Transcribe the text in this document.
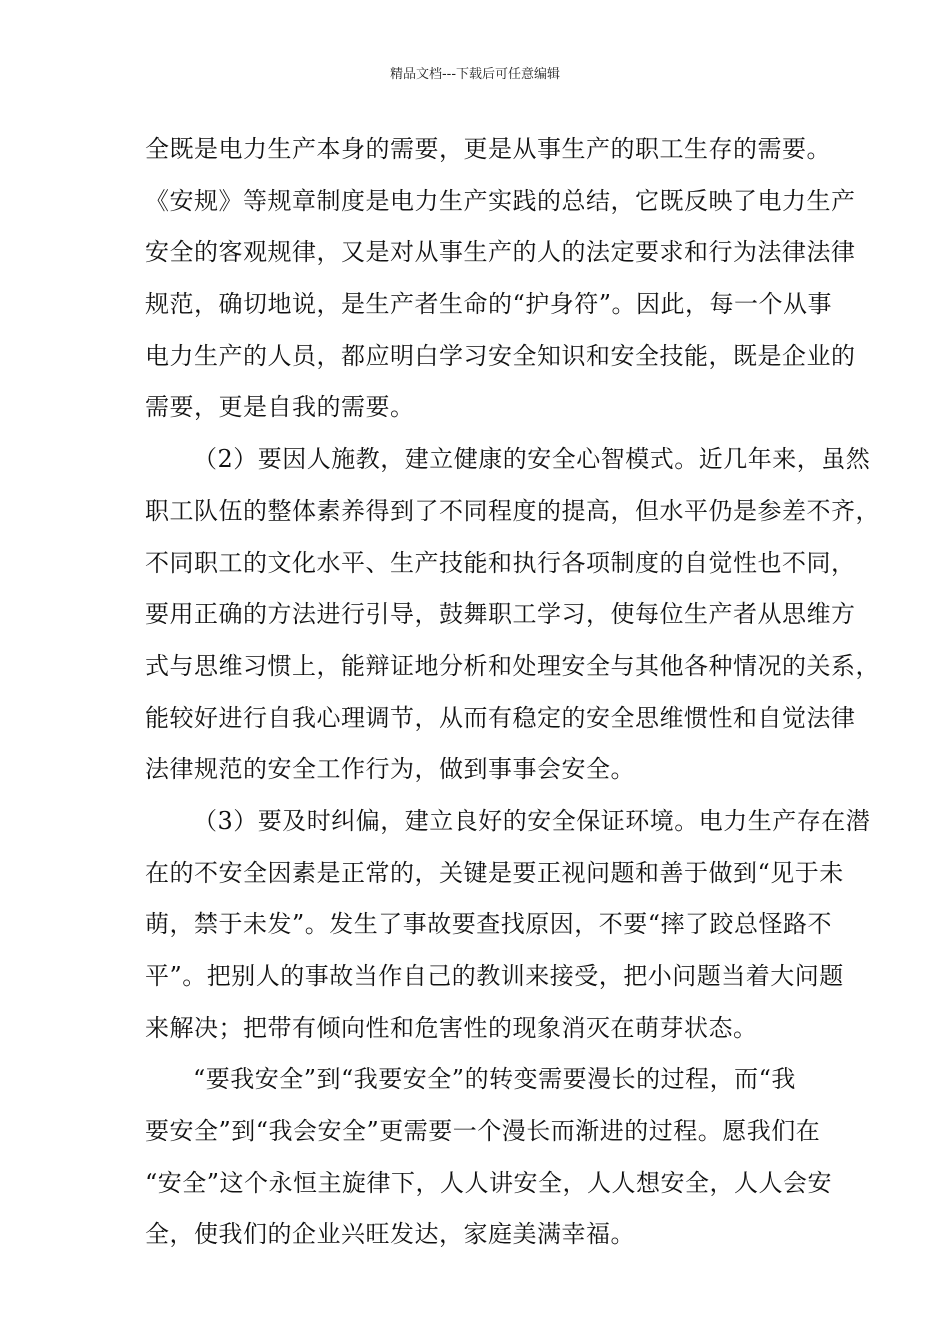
精品文档---下载后可任意编辑
全既是电力生产本身的需要，更是从事生产的职工生存的需要。
《安规》等规章制度是电力生产实践的总结，它既反映了电力生产
安全的客观规律，又是对从事生产的人的法定要求和行为法律法律
规范，确切地说，是生产者生命的“护身符”。因此，每一个从事
电力生产的人员，都应明白学习安全知识和安全技能，既是企业的
需要，更是自我的需要。
（2）要因人施教，建立健康的安全心智模式。近几年来，虽然
职工队伍的整体素养得到了不同程度的提高，但水平仍是参差不齐，
不同职工的文化水平、生产技能和执行各项制度的自觉性也不同，
要用正确的方法进行引导，鼓舞职工学习，使每位生产者从思维方
式与思维习惯上，能辩证地分析和处理安全与其他各种情况的关系，
能较好进行自我心理调节，从而有稳定的安全思维惯性和自觉法律
法律规范的安全工作行为，做到事事会安全。
（3）要及时纠偏，建立良好的安全保证环境。电力生产存在潜
在的不安全因素是正常的，关键是要正视问题和善于做到“见于未
萌，禁于未发”。发生了事故要查找原因，不要“摔了跤总怪路不
平”。把别人的事故当作自己的教训来接受，把小问题当着大问题
来解决；把带有倾向性和危害性的现象消灭在萌芽状态。
“要我安全”到“我要安全”的转变需要漫长的过程，而“我
要安全”到“我会安全”更需要一个漫长而渐进的过程。愿我们在
“安全”这个永恒主旋律下，人人讲安全，人人想安全，人人会安
全，使我们的企业兴旺发达，家庭美满幸福。
